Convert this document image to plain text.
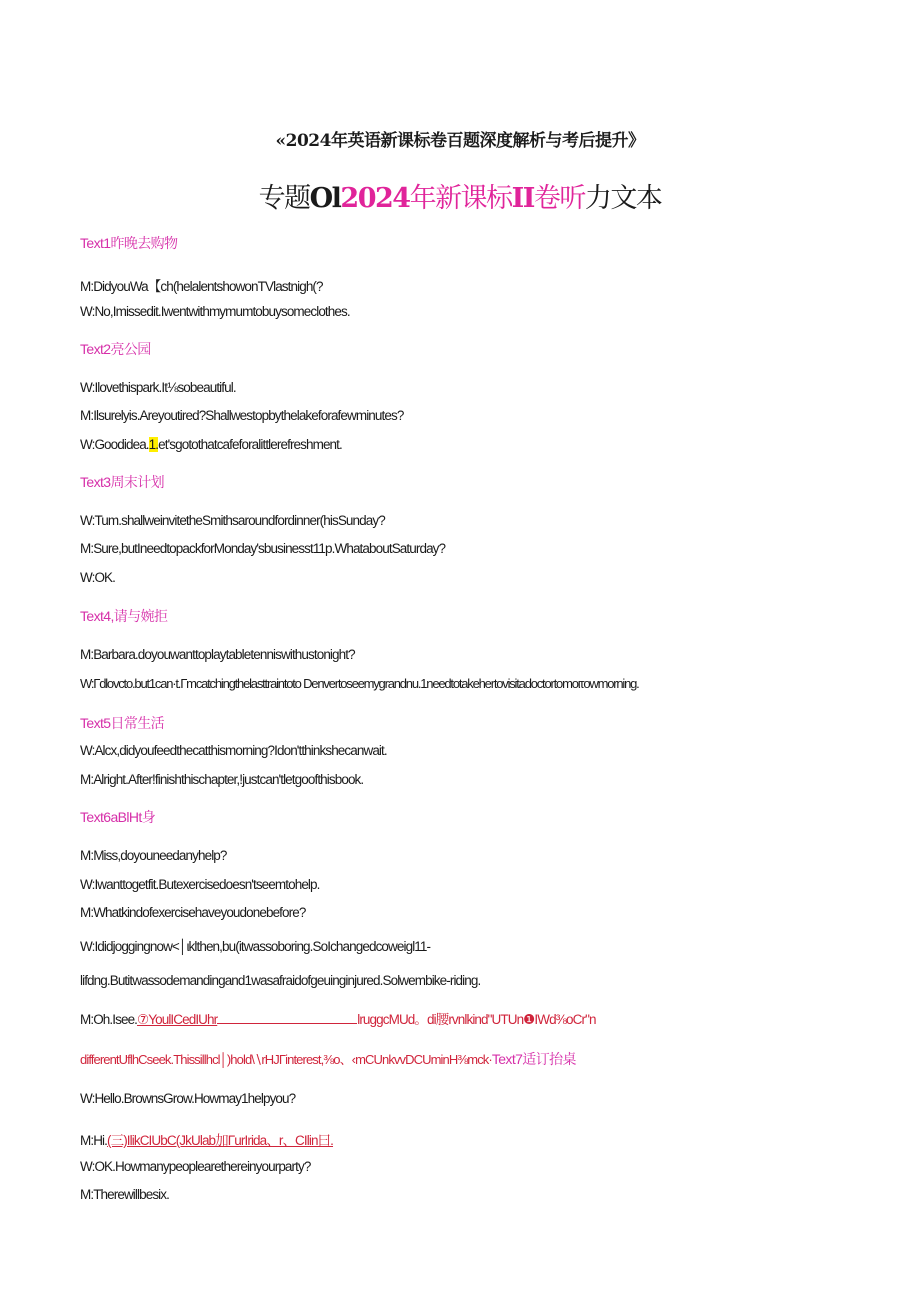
«2024年英语新课标卷百题深度解析与考后提升》
专题Ol2024年新课标II卷听力文本
Text1昨晚去购物
M:DidyouWa【ch(helalentshowonTVlastnigh(?
W:No,Imissedit.Iwentwithmymumtobuysomeclothes.
Text2亮公园
W:Ilovethispark.It⅛sobeautiful.
M:Ilsurelyis.Areyoutired?Shallwestopbythelakeforafewminutes?
W:Goodidea.1.et'sgotothatcafeforalittlerefreshment.
Text3周末计划
W:Tum.shallweinvitetheSmithsaroundfordinner(hisSunday?
M:Sure,butIneedtopackforMonday'sbusinesst11p.WhataboutSaturday?
W:OK.
Text4,请与婉拒
M:Barbara.doyouwanttoplaytabletenniswithustonight?
W:Γdlovcto.but1can·t.Γmcatchingthelasttraintoto Denvertoseemygrandnu.1needtotakehertovisitadoctortomoιτowmorning.
Text5日常生活
W:Alcx,didyoufeedthecatthismorning?Idon'tthinkshecanwait.
M:Alright.After!finishthischapter,!justcan'tletgoofthisbook.
Text6aBlHt身
M:Miss,doyouneedanyhelp?
W:Iwanttogetfit.Butexercisedoesn'tseemtohelp.
M:Whatkindofexercisehaveyoudonebefore?
W:Ididjoggingnow<│ιklthen,bu(itwassoboring.SoIchangedcoweigl11-
lifdng.Butitwassodemandingand1wasafraidofgeuinginjured.Solwembike-riding.
M:Oh.Isee.⑦YoulICedIUhr	lruggcMUd。di腰rvnlkind"UTUn❶IWd⅜oCr"n
differentUflhCseek.Thissillhcl│)hold\∖rHJΓinterest,⅜o、‹mCUnkvvDCUminH⅜mck·Text7适订抬桌
W:Hello.BrownsGrow.Howmay1helpyou?
M:Hi.(三)IlikCIUbC(JkUlab加ΓurIrida、r、CIlin曰.
W:OK.Howmanypeoplearethereinyourparty?
M:Therewillbesix.
